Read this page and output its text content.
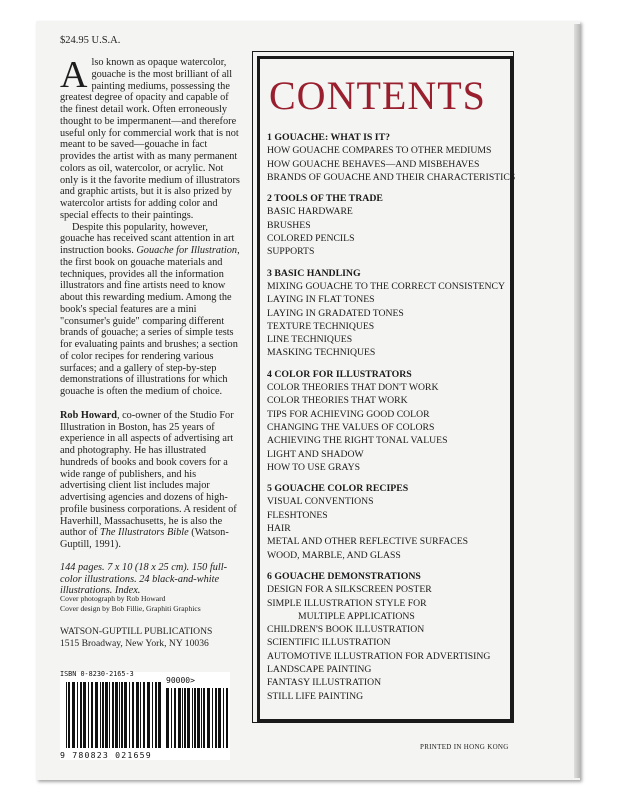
$24.95 U.S.A.

Also known as opaque watercolor, gouache is the most brilliant of all painting mediums, possessing the greatest degree of opacity and capable of the finest detail work. Often erroneously thought to be impermanent—and therefore useful only for commercial work that is not meant to be saved—gouache in fact provides the artist with as many permanent colors as oil, watercolor, or acrylic. Not only is it the favorite medium of illustrators and graphic artists, but it is also prized by watercolor artists for adding color and special effects to their paintings.

Despite this popularity, however, gouache has received scant attention in art instruction books. Gouache for Illustration, the first book on gouache materials and techniques, provides all the information illustrators and fine artists need to know about this rewarding medium. Among the book's special features are a mini "consumer's guide" comparing different brands of gouache; a series of simple tests for evaluating paints and brushes; a section of color recipes for rendering various surfaces; and a gallery of step-by-step demonstrations of illustrations for which gouache is often the medium of choice.

Rob Howard, co-owner of the Studio For Illustration in Boston, has 25 years of experience in all aspects of advertising art and photography. He has illustrated hundreds of books and book covers for a wide range of publishers, and his advertising client list includes major advertising agencies and dozens of high-profile business corporations. A resident of Haverhill, Massachusetts, he is also the author of The Illustrators Bible (Watson-Guptill, 1991).

144 pages. 7 x 10 (18 x 25 cm). 150 full-color illustrations. 24 black-and-white illustrations. Index.

Cover photograph by Rob Howard
Cover design by Bob Fillie, Graphiti Graphics
WATSON-GUPTILL PUBLICATIONS
1515 Broadway, New York, NY 10036
ISBN 0-8230-2165-3
90000>
9 780823 021659
CONTENTS
1 GOUACHE: WHAT IS IT?
HOW GOUACHE COMPARES TO OTHER MEDIUMS
HOW GOUACHE BEHAVES—AND MISBEHAVES
BRANDS OF GOUACHE AND THEIR CHARACTERISTICS
2 TOOLS OF THE TRADE
BASIC HARDWARE
BRUSHES
COLORED PENCILS
SUPPORTS
3 BASIC HANDLING
MIXING GOUACHE TO THE CORRECT CONSISTENCY
LAYING IN FLAT TONES
LAYING IN GRADATED TONES
TEXTURE TECHNIQUES
LINE TECHNIQUES
MASKING TECHNIQUES
4 COLOR FOR ILLUSTRATORS
COLOR THEORIES THAT DON'T WORK
COLOR THEORIES THAT WORK
TIPS FOR ACHIEVING GOOD COLOR
CHANGING THE VALUES OF COLORS
ACHIEVING THE RIGHT TONAL VALUES
LIGHT AND SHADOW
HOW TO USE GRAYS
5 GOUACHE COLOR RECIPES
VISUAL CONVENTIONS
FLESHTONES
HAIR
METAL AND OTHER REFLECTIVE SURFACES
WOOD, MARBLE, AND GLASS
6 GOUACHE DEMONSTRATIONS
DESIGN FOR A SILKSCREEN POSTER
SIMPLE ILLUSTRATION STYLE FOR
MULTIPLE APPLICATIONS
CHILDREN'S BOOK ILLUSTRATION
SCIENTIFIC ILLUSTRATION
AUTOMOTIVE ILLUSTRATION FOR ADVERTISING
LANDSCAPE PAINTING
FANTASY ILLUSTRATION
STILL LIFE PAINTING
PRINTED IN HONG KONG
